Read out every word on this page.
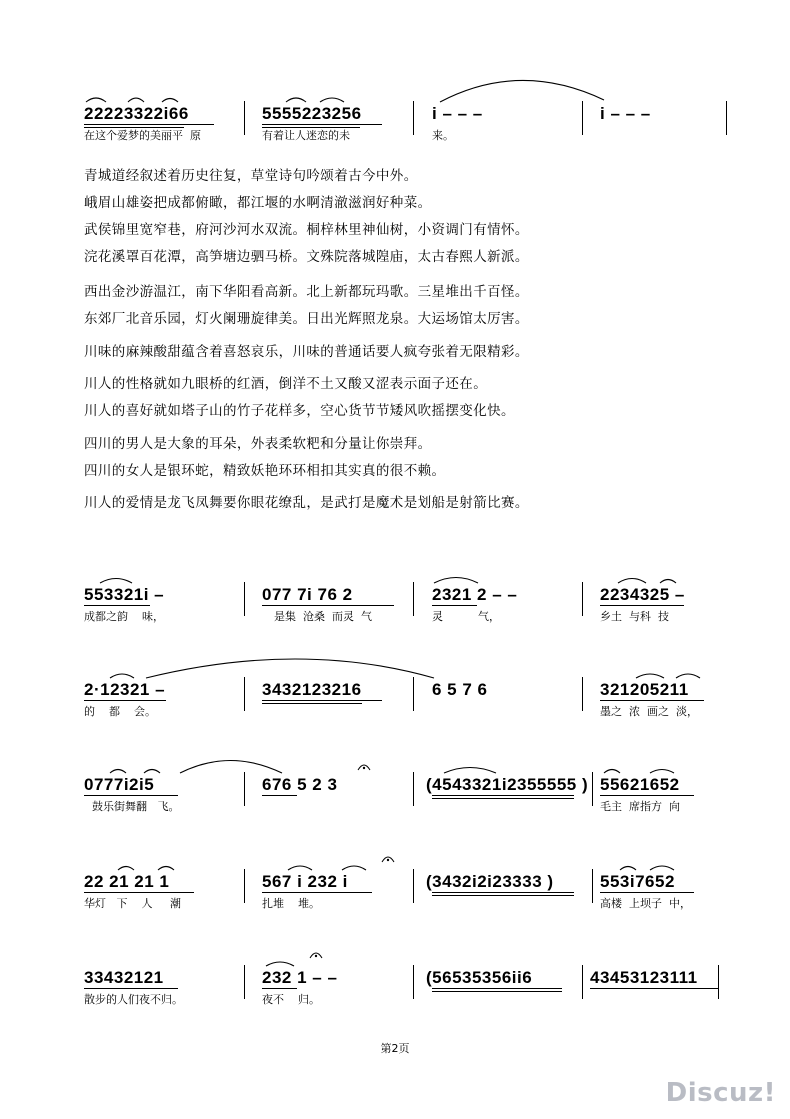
22223322i66
在这个爱梦的美丽平  原
5555223256
有着让人迷恋的未
i – – –
来。
i – – –
青城道经叙述着历史往复，草堂诗句吟颂着古今中外。
峨眉山雄姿把成都俯瞰，都江堰的水啊清澈滋润好种菜。
武侯锦里宽窄巷，府河沙河水双流。桐梓林里神仙树，小资调门有情怀。
浣花溪罩百花潭，高笋塘边驷马桥。文殊院落城隍庙，太古春熙人新派。
西出金沙游温江，南下华阳看高新。北上新都玩玛歌。三星堆出千百怪。
东郊厂北音乐园，灯火阑珊旋律美。日出光辉照龙泉。大运场馆太厉害。
川味的麻辣酸甜蕴含着喜怒哀乐，川味的普通话要人疯夸张着无限精彩。
川人的性格就如九眼桥的红酒，倒洋不土又酸又涩表示面子还在。
川人的喜好就如塔子山的竹子花样多，空心货节节矮风吹摇摆变化快。
四川的男人是大象的耳朵，外表柔软粑和分量让你崇拜。
四川的女人是银环蛇，精致妖艳环环相扣其实真的很不赖。
川人的爱情是龙飞凤舞要你眼花缭乱，是武打是魔术是划船是射箭比赛。
553321i –
成都之韵    味，
077 7i 76 2
是集  沧桑  而灵  气
2321 2 – –
灵          气，
2234325 –
乡土  与科  技
2·12321 –
的    都    会。
3432123216	6 5 7 6	321205211
墨之  浓  画之  淡，
0777i2i5
鼓乐街舞翻   飞。
676 5 2 3	(4543321i2355555 ) 55621652
毛主  席指方  向
22 21 21 1
华灯   下    人     潮
567 i 232 i
扎堆    堆。
(3432i2i23333 )	553i7652
高楼  上坝子  中，
33432121
散步的人们夜不归。
232 1 – –
夜不    归。
(56535356ii6	43453123111
第2页
Discuz!
